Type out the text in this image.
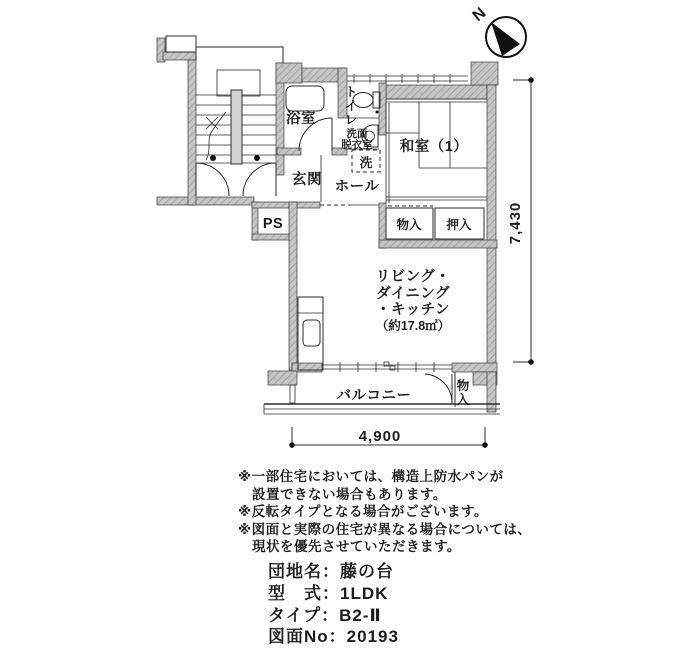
7,430
4,900
N
浴室
ト
イ
レ
洗面
脱衣室
洗
玄関 ホール
和室（1）
物入 押入
PS
リビング・
ダイニング
・キッチン
（約17.8㎡）
バルコニー
物
入
※一部住宅においては、構造上防水パンが
　設置できない場合もあります。
※反転タイプとなる場合がございます。
※図面と実際の住宅が異なる場合については、
　現状を優先させていただきます。
団地名：藤の台
型　式：1LDK
タイプ：B2-Ⅱ
図面No：20193
